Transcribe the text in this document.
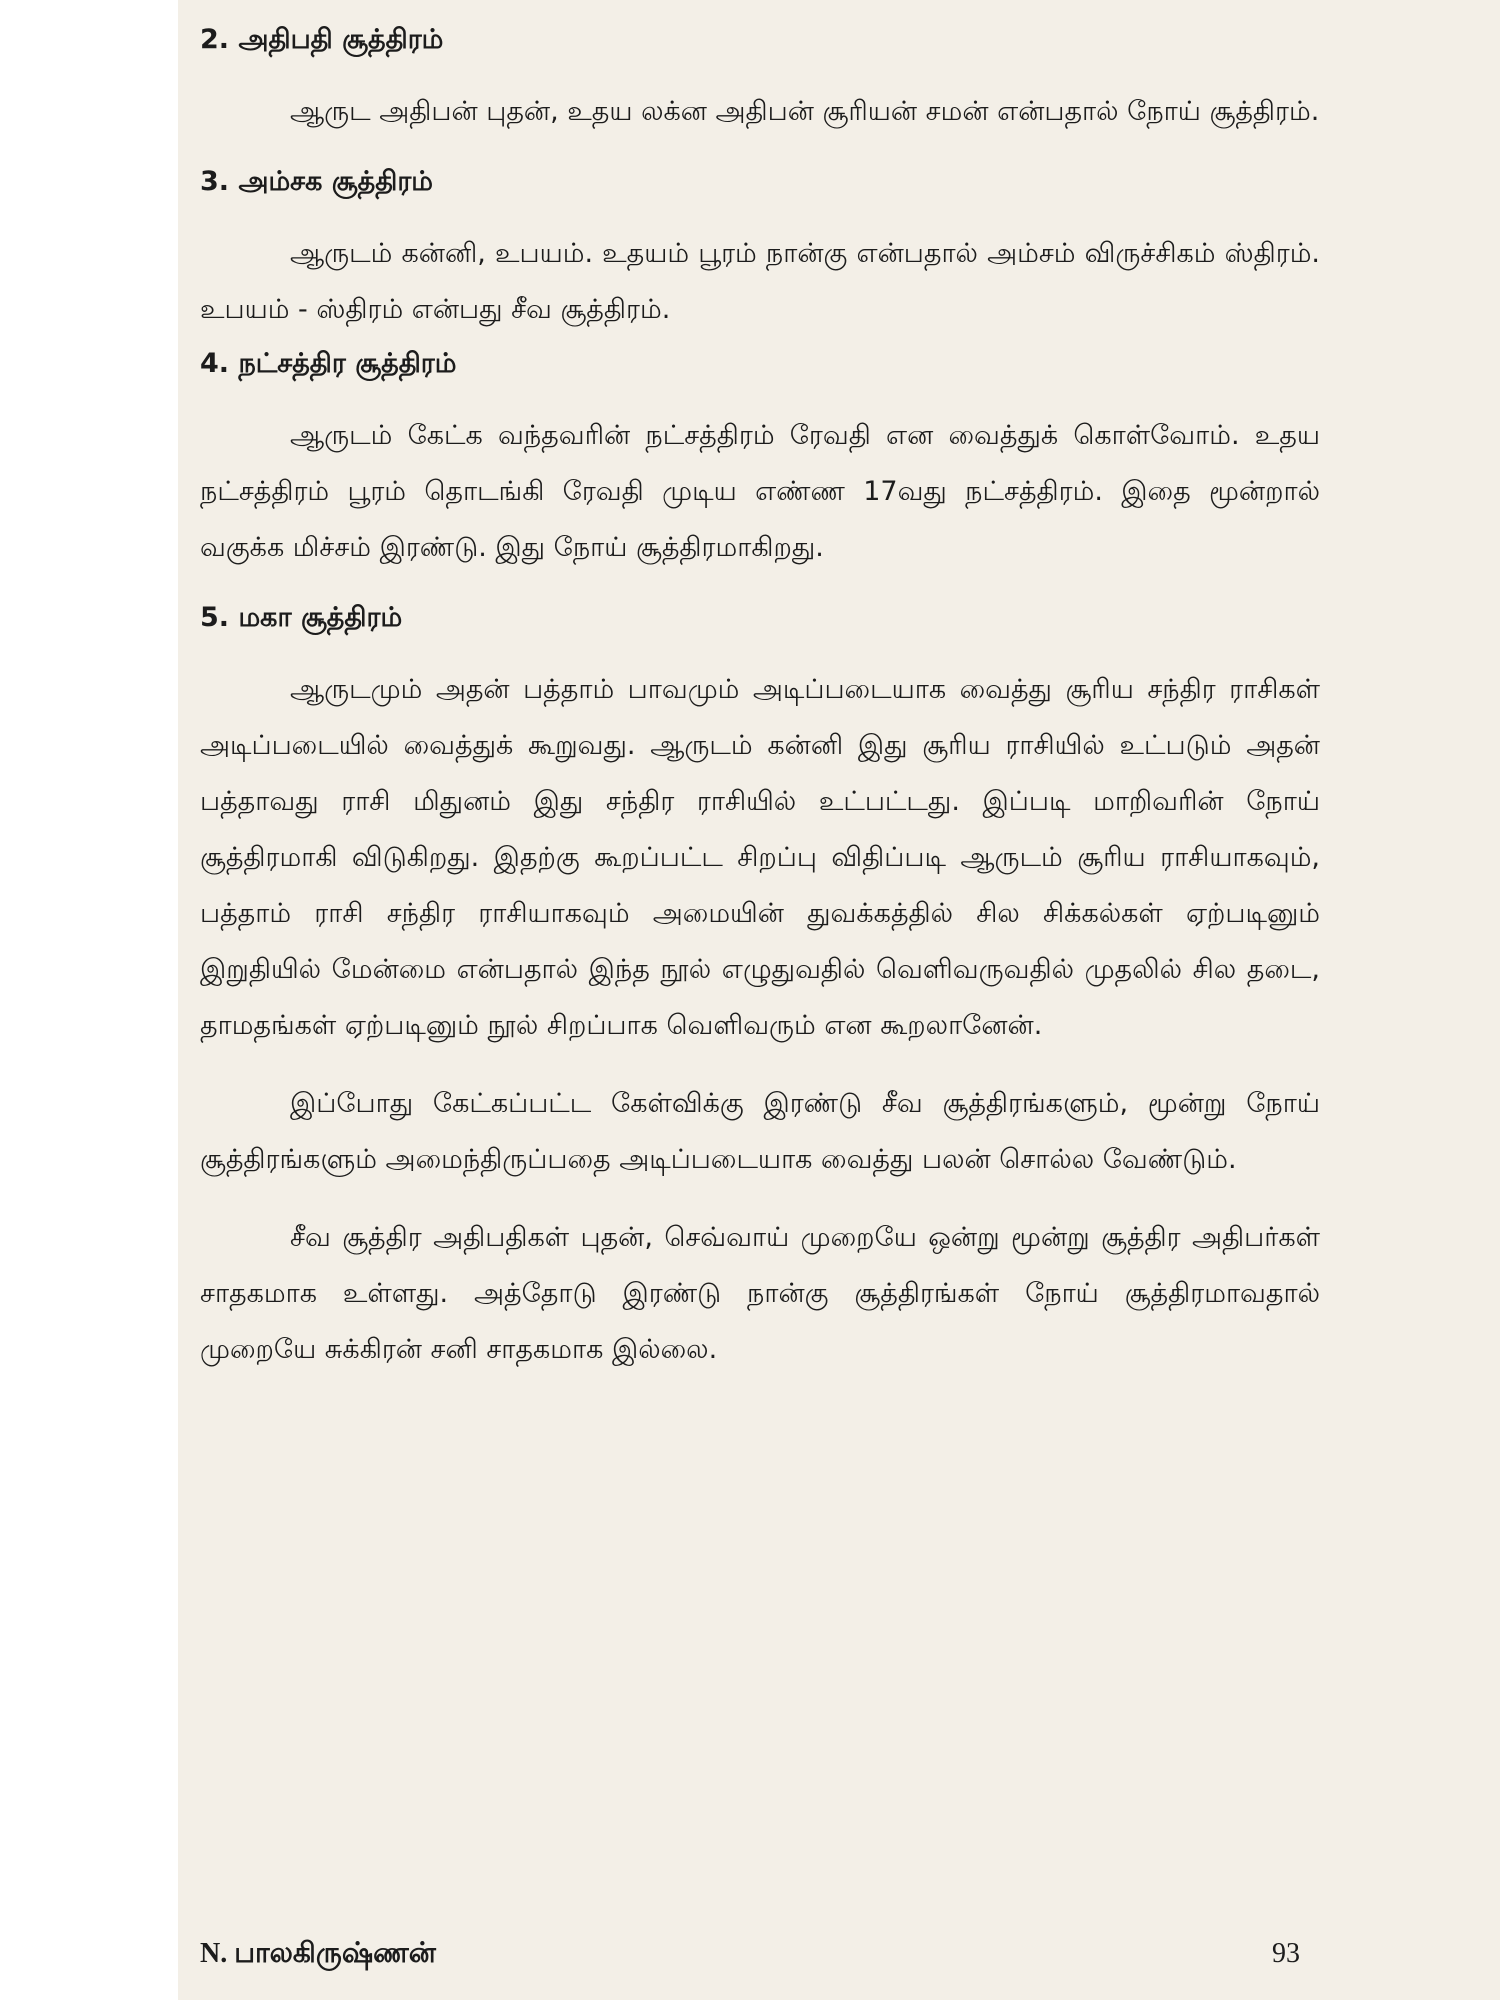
2. அதிபதி சூத்திரம்
ஆருட அதிபன் புதன், உதய லக்ன அதிபன் சூரியன் சமன் என்பதால் நோய் சூத்திரம்.
3. அம்சக சூத்திரம்
ஆருடம் கன்னி, உபயம். உதயம் பூரம் நான்கு என்பதால் அம்சம் விருச்சிகம் ஸ்திரம். உபயம் - ஸ்திரம் என்பது சீவ சூத்திரம்.
4. நட்சத்திர சூத்திரம்
ஆருடம் கேட்க வந்தவரின் நட்சத்திரம் ரேவதி என வைத்துக் கொள்வோம். உதய நட்சத்திரம் பூரம் தொடங்கி ரேவதி முடிய எண்ண 17வது நட்சத்திரம். இதை மூன்றால் வகுக்க மிச்சம் இரண்டு. இது நோய் சூத்திரமாகிறது.
5. மகா சூத்திரம்
ஆருடமும் அதன் பத்தாம் பாவமும் அடிப்படையாக வைத்து சூரிய சந்திர ராசிகள் அடிப்படையில் வைத்துக் கூறுவது. ஆருடம் கன்னி இது சூரிய ராசியில் உட்படும் அதன் பத்தாவது ராசி மிதுனம் இது சந்திர ராசியில் உட்பட்டது. இப்படி மாறிவரின் நோய் சூத்திரமாகி விடுகிறது. இதற்கு கூறப்பட்ட சிறப்பு விதிப்படி ஆருடம் சூரிய ராசியாகவும், பத்தாம் ராசி சந்திர ராசியாகவும் அமையின் துவக்கத்தில் சில சிக்கல்கள் ஏற்படினும் இறுதியில் மேன்மை என்பதால் இந்த நூல் எழுதுவதில் வெளிவருவதில் முதலில் சில தடை, தாமதங்கள் ஏற்படினும் நூல் சிறப்பாக வெளிவரும் என கூறலானேன்.
இப்போது கேட்கப்பட்ட கேள்விக்கு இரண்டு சீவ சூத்திரங்களும், மூன்று நோய் சூத்திரங்களும் அமைந்திருப்பதை அடிப்படையாக வைத்து பலன் சொல்ல வேண்டும்.
சீவ சூத்திர அதிபதிகள் புதன், செவ்வாய் முறையே ஒன்று மூன்று சூத்திர அதிபர்கள் சாதகமாக உள்ளது. அத்தோடு இரண்டு நான்கு சூத்திரங்கள் நோய் சூத்திரமாவதால் முறையே சுக்கிரன் சனி சாதகமாக இல்லை.
N. பாலகிருஷ்ணன்	93
